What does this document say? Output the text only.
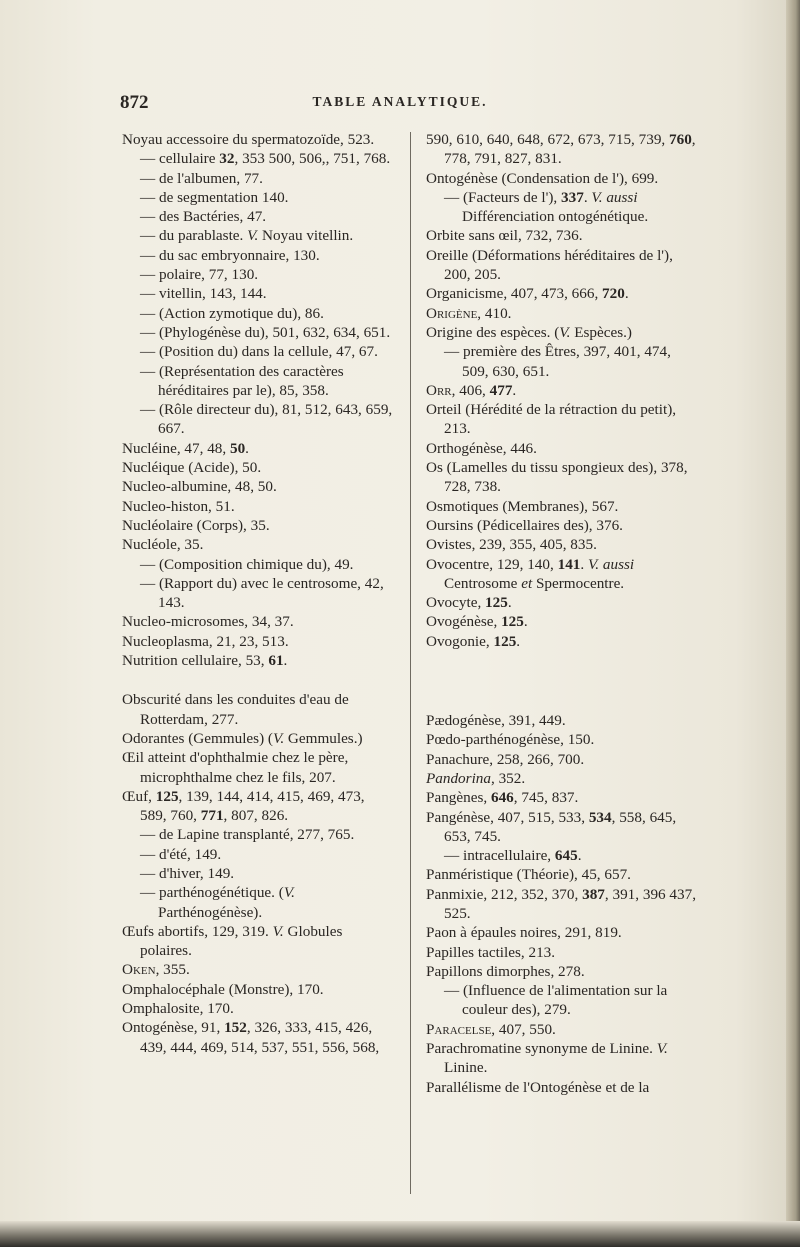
872	TABLE ANALYTIQUE.
Noyau accessoire du spermatozoïde, 523.
— cellulaire 32, 353 500, 506,, 751, 768.
— de l'albumen, 77.
— de segmentation 140.
— des Bactéries, 47.
— du parablaste. V. Noyau vitellin.
— du sac embryonnaire, 130.
— polaire, 77, 130.
— vitellin, 143, 144.
— (Action zymotique du), 86.
— (Phylogénèse du), 501, 632, 634, 651.
— (Position du) dans la cellule, 47, 67.
— (Représentation des caractères héréditaires par le), 85, 358.
— (Rôle directeur du), 81, 512, 643, 659, 667.
Nucléine, 47, 48, 50.
Nucléique (Acide), 50.
Nucleo-albumine, 48, 50.
Nucleo-histon, 51.
Nucléolaire (Corps), 35.
Nucléole, 35.
— (Composition chimique du), 49.
— (Rapport du) avec le centrosome, 42, 143.
Nucleo-microsomes, 34, 37.
Nucleoplasma, 21, 23, 513.
Nutrition cellulaire, 53, 61.
Obscurité dans les conduites d'eau de Rotterdam, 277.
Odorantes (Gemmules) (V. Gemmules.)
Œil atteint d'ophthalmie chez le père, microphthalme chez le fils, 207.
Œuf, 125, 139, 144, 414, 415, 469, 473, 589, 760, 771, 807, 826.
— de Lapine transplanté, 277, 765.
— d'été, 149.
— d'hiver, 149.
— parthénogénétique. (V. Parthénogénèse).
Œufs abortifs, 129, 319. V. Globules polaires.
Oken, 355.
Omphalocéphale (Monstre), 170.
Omphalosite, 170.
Ontogénèse, 91, 152, 326, 333, 415, 426, 439, 444, 469, 514, 537, 551, 556, 568,
590, 610, 640, 648, 672, 673, 715, 739, 760, 778, 791, 827, 831.
Ontogénèse (Condensation de l'), 699.
— (Facteurs de l'), 337. V. aussi Différenciation ontogénétique.
Orbite sans œil, 732, 736.
Oreille (Déformations héréditaires de l'), 200, 205.
Organicisme, 407, 473, 666, 720.
Origène, 410.
Origine des espèces. (V. Espèces.)
— première des Êtres, 397, 401, 474, 509, 630, 651.
Orr, 406, 477.
Orteil (Hérédité de la rétraction du petit), 213.
Orthogénèse, 446.
Os (Lamelles du tissu spongieux des), 378, 728, 738.
Osmotiques (Membranes), 567.
Oursins (Pédicellaires des), 376.
Ovistes, 239, 355, 405, 835.
Ovocentre, 129, 140, 141. V. aussi Centrosome et Spermocentre.
Ovocyte, 125.
Ovogénèse, 125.
Ovogonie, 125.
Pædogénèse, 391, 449.
Pœdo-parthénogénèse, 150.
Panachure, 258, 266, 700.
Pandorina, 352.
Pangènes, 646, 745, 837.
Pangénèse, 407, 515, 533, 534, 558, 645, 653, 745.
— intracellulaire, 645.
Panméristique (Théorie), 45, 657.
Panmixie, 212, 352, 370, 387, 391, 396 437, 525.
Paon à épaules noires, 291, 819.
Papilles tactiles, 213.
Papillons dimorphes, 278.
— (Influence de l'alimentation sur la couleur des), 279.
Paracelse, 407, 550.
Parachromatine synonyme de Linine. V. Linine.
Parallélisme de l'Ontogénèse et de la
